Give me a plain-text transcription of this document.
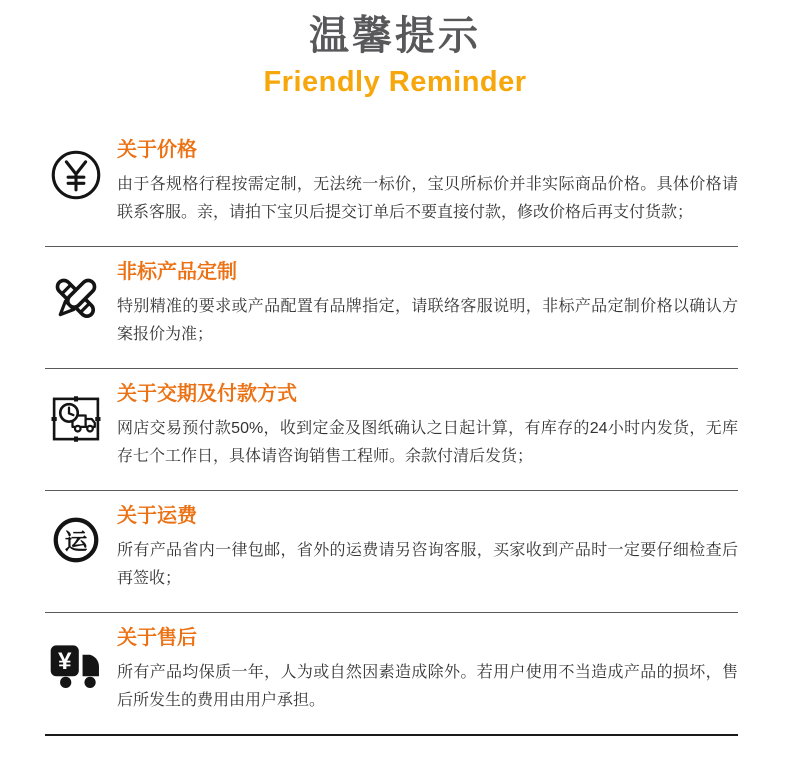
温馨提示
Friendly Reminder
关于价格

由于各规格行程按需定制，无法统一标价，宝贝所标价并非实际商品价格。具体价格请联系客服。亲，请拍下宝贝后提交订单后不要直接付款，修改价格后再支付货款；

非标产品定制

特别精准的要求或产品配置有品牌指定，请联络客服说明，非标产品定制价格以确认方案报价为准；

关于交期及付款方式

网店交易预付款50%，收到定金及图纸确认之日起计算，有库存的24小时内发货，无库存七个工作日，具体请咨询销售工程师。余款付清后发货；

运
关于运费

所有产品省内一律包邮，省外的运费请另咨询客服，买家收到产品时一定要仔细检查后再签收；

¥
关于售后

所有产品均保质一年，人为或自然因素造成除外。若用户使用不当造成产品的损坏，售后所发生的费用由用户承担。
